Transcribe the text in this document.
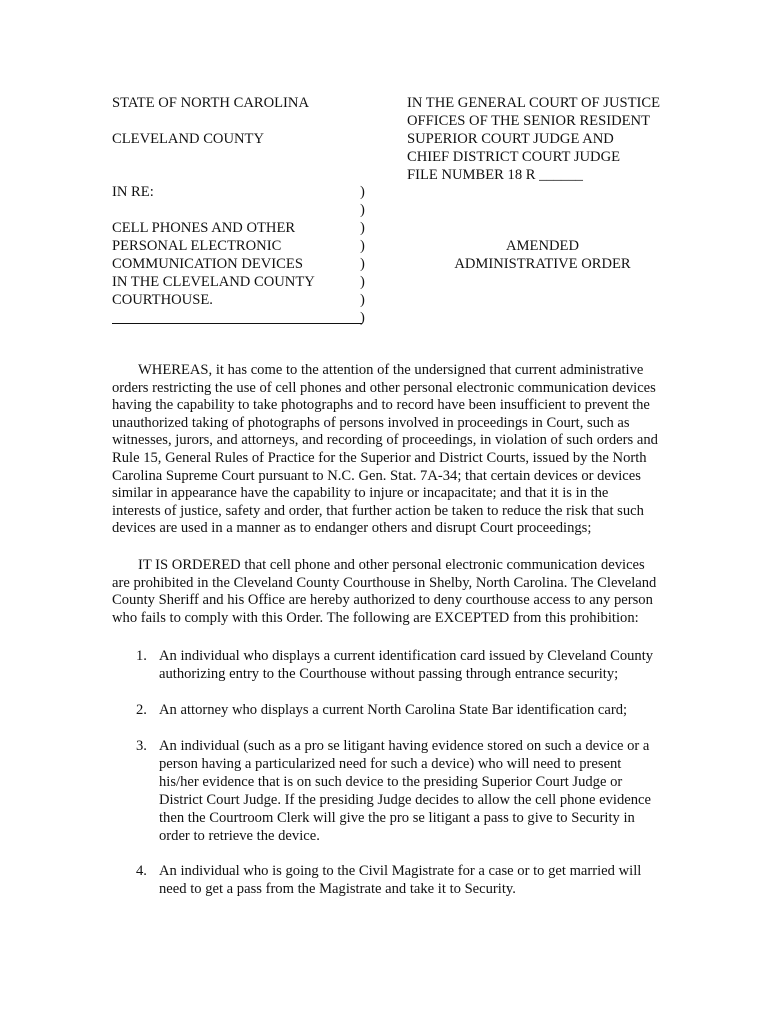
STATE OF NORTH CAROLINA
CLEVELAND COUNTY
IN RE:
CELL PHONES AND OTHER
PERSONAL ELECTRONIC
COMMUNICATION DEVICES
IN THE CLEVELAND COUNTY
COURTHOUSE.
)
)
)
)
)
)
)
)
IN THE GENERAL COURT OF JUSTICE
OFFICES OF THE SENIOR RESIDENT
SUPERIOR COURT JUDGE AND
CHIEF DISTRICT COURT JUDGE
FILE NUMBER 18 R ______
AMENDED
ADMINISTRATIVE ORDER
WHEREAS, it has come to the attention of the undersigned that current administrative
orders restricting the use of cell phones and other personal electronic communication devices
having the capability to take photographs and to record have been insufficient to prevent the
unauthorized taking of photographs of persons involved in proceedings in Court, such as
witnesses, jurors, and attorneys, and recording of proceedings, in violation of such orders and
Rule 15, General Rules of Practice for the Superior and District Courts, issued by the North
Carolina Supreme Court pursuant to N.C. Gen. Stat. 7A-34; that certain devices or devices
similar in appearance have the capability to injure or incapacitate; and that it is in the
interests of justice, safety and order, that further action be taken to reduce the risk that such
devices are used in a manner as to endanger others and disrupt Court proceedings;
IT IS ORDERED that cell phone and other personal electronic communication devices
are prohibited in the Cleveland County Courthouse in Shelby, North Carolina. The Cleveland
County Sheriff and his Office are hereby authorized to deny courthouse access to any person
who fails to comply with this Order. The following are EXCEPTED from this prohibition:
1. An individual who displays a current identification card issued by Cleveland County
authorizing entry to the Courthouse without passing through entrance security;
2. An attorney who displays a current North Carolina State Bar identification card;
3. An individual (such as a pro se litigant having evidence stored on such a device or a
person having a particularized need for such a device) who will need to present
his/her evidence that is on such device to the presiding Superior Court Judge or
District Court Judge. If the presiding Judge decides to allow the cell phone evidence
then the Courtroom Clerk will give the pro se litigant a pass to give to Security in
order to retrieve the device.
4. An individual who is going to the Civil Magistrate for a case or to get married will
need to get a pass from the Magistrate and take it to Security.
